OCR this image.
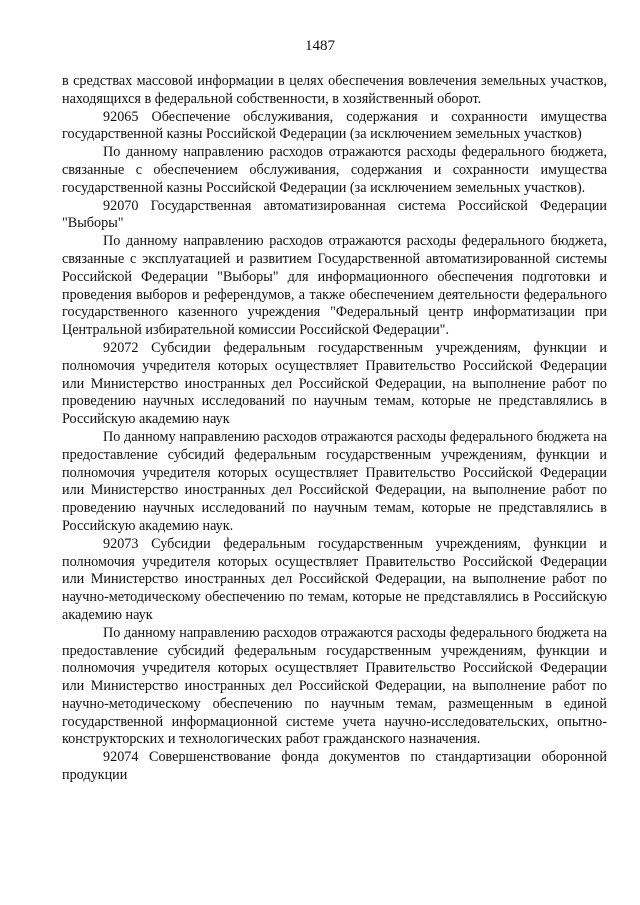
1487

в средствах массовой информации в целях обеспечения вовлечения земельных участков, находящихся в федеральной собственности, в хозяйственный оборот.

92065 Обеспечение обслуживания, содержания и сохранности имущества государственной казны Российской Федерации (за исключением земельных участков)

По данному направлению расходов отражаются расходы федерального бюджета, связанные с обеспечением обслуживания, содержания и сохранности имущества государственной казны Российской Федерации (за исключением земельных участков).

92070 Государственная автоматизированная система Российской Федерации "Выборы"

По данному направлению расходов отражаются расходы федерального бюджета, связанные с эксплуатацией и развитием Государственной автоматизированной системы Российской Федерации "Выборы" для информационного обеспечения подготовки и проведения выборов и референдумов, а также обеспечением деятельности федерального государственного казенного учреждения "Федеральный центр информатизации при Центральной избирательной комиссии Российской Федерации".

92072 Субсидии федеральным государственным учреждениям, функции и полномочия учредителя которых осуществляет Правительство Российской Федерации или Министерство иностранных дел Российской Федерации, на выполнение работ по проведению научных исследований по научным темам, которые не представлялись в Российскую академию наук

По данному направлению расходов отражаются расходы федерального бюджета на предоставление субсидий федеральным государственным учреждениям, функции и полномочия учредителя которых осуществляет Правительство Российской Федерации или Министерство иностранных дел Российской Федерации, на выполнение работ по проведению научных исследований по научным темам, которые не представлялись в Российскую академию наук.

92073 Субсидии федеральным государственным учреждениям, функции и полномочия учредителя которых осуществляет Правительство Российской Федерации или Министерство иностранных дел Российской Федерации, на выполнение работ по научно-методическому обеспечению по темам, которые не представлялись в Российскую академию наук

По данному направлению расходов отражаются расходы федерального бюджета на предоставление субсидий федеральным государственным учреждениям, функции и полномочия учредителя которых осуществляет Правительство Российской Федерации или Министерство иностранных дел Российской Федерации, на выполнение работ по научно-методическому обеспечению по научным темам, размещенным в единой государственной информационной системе учета научно-исследовательских, опытно-конструкторских и технологических работ гражданского назначения.

92074 Совершенствование фонда документов по стандартизации оборонной продукции
